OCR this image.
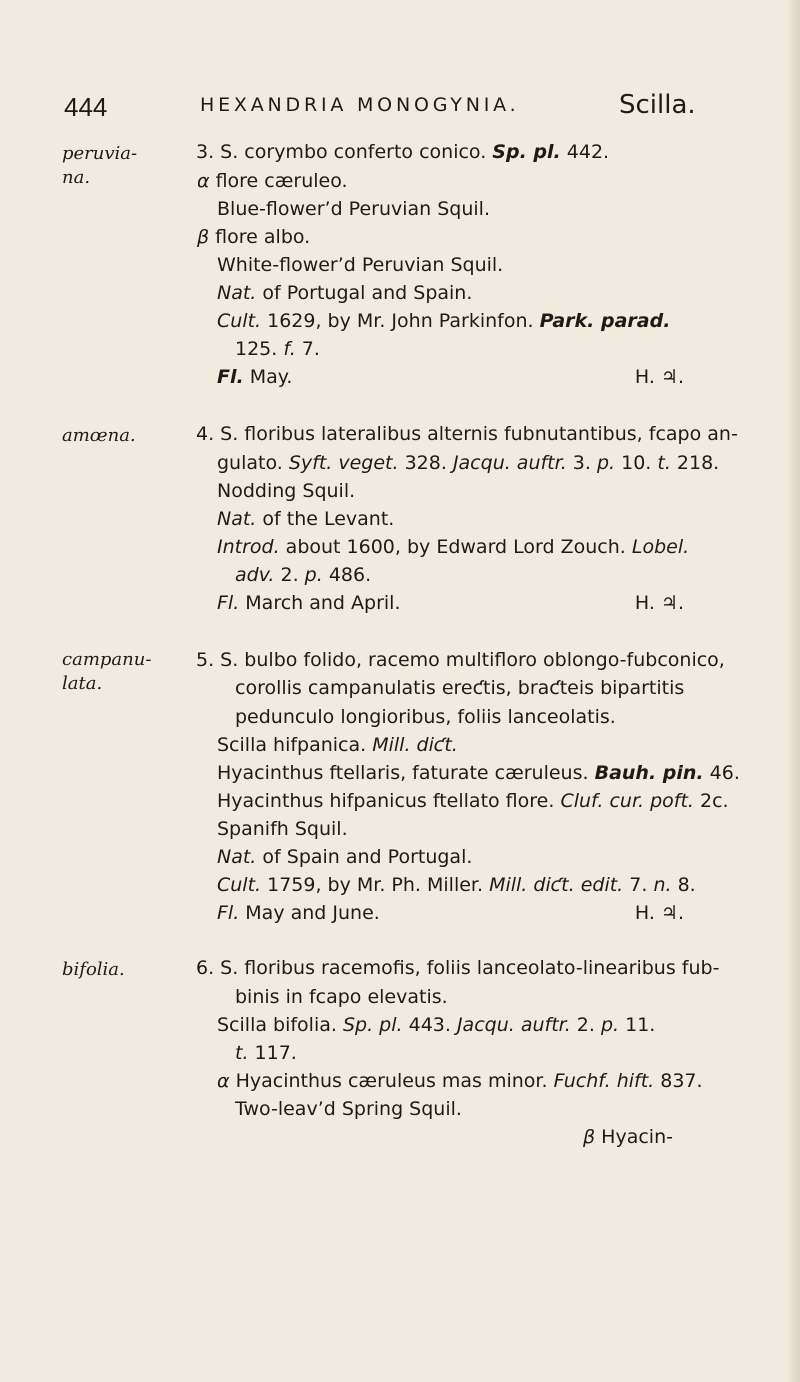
444	HEXANDRIA MONOGYNIA.	Scilla.
peruvia-
na.
3. S. corymbo conferto conico. Sp. pl. 442.
α flore cæruleo.
Blue-flower’d Peruvian Squil.
β flore albo.
White-flower’d Peruvian Squil.
Nat. of Portugal and Spain.
Cult. 1629, by Mr. John Parkinfon. Park. parad.
125. f. 7.
Fl. May.	H. ♃.
amœna.	4. S. floribus lateralibus alternis fubnutantibus, fcapo an-
gulato. Syft. veget. 328. Jacqu. auftr. 3. p. 10. t. 218.
Nodding Squil.
Nat. of the Levant.
Introd. about 1600, by Edward Lord Zouch. Lobel.
adv. 2. p. 486.
Fl. March and April.	H. ♃.
campanu-
lata.
5. S. bulbo folido, racemo multifloro oblongo-fubconico,
corollis campanulatis ereƈtis, braƈteis bipartitis
pedunculo longioribus, foliis lanceolatis.
Scilla hifpanica. Mill. diƈt.
Hyacinthus ftellaris, faturate cæruleus. Bauh. pin. 46.
Hyacinthus hifpanicus ftellato flore. Cluf. cur. poft. 2c.
Spanifh Squil.
Nat. of Spain and Portugal.
Cult. 1759, by Mr. Ph. Miller. Mill. diƈt. edit. 7. n. 8.
Fl. May and June.	H. ♃.
bifolia.	6. S. floribus racemofis, foliis lanceolato-linearibus fub-
binis in fcapo elevatis.
Scilla bifolia. Sp. pl. 443. Jacqu. auftr. 2. p. 11.
t. 117.
α Hyacinthus cæruleus mas minor. Fuchf. hift. 837.
Two-leav’d Spring Squil.
β Hyacin-
